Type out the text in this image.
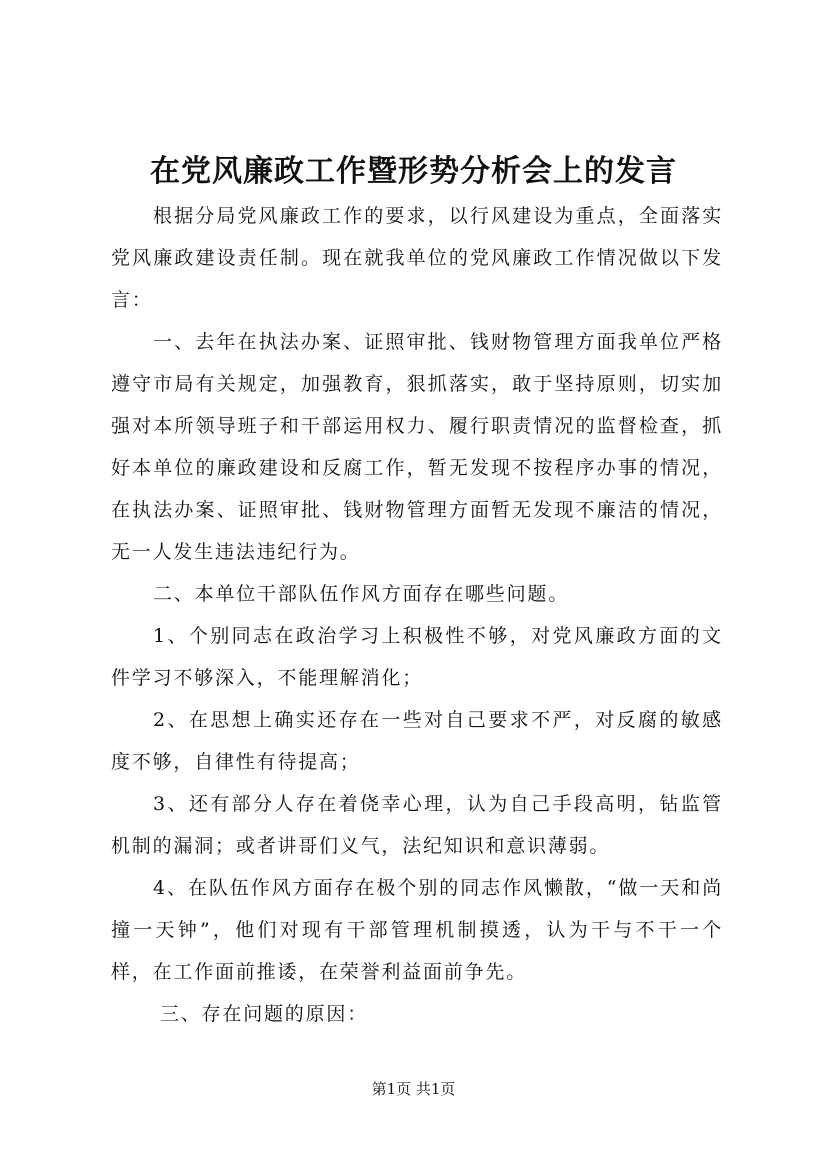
在党风廉政工作暨形势分析会上的发言

根据分局党风廉政工作的要求，以行风建设为重点，全面落实党风廉政建设责任制。现在就我单位的党风廉政工作情况做以下发言：

一、去年在执法办案、证照审批、钱财物管理方面我单位严格遵守市局有关规定，加强教育，狠抓落实，敢于坚持原则，切实加强对本所领导班子和干部运用权力、履行职责情况的监督检查，抓好本单位的廉政建设和反腐工作，暂无发现不按程序办事的情况，在执法办案、证照审批、钱财物管理方面暂无发现不廉洁的情况，无一人发生违法违纪行为。

二、本单位干部队伍作风方面存在哪些问题。

1、个别同志在政治学习上积极性不够，对党风廉政方面的文件学习不够深入，不能理解消化；

2、在思想上确实还存在一些对自己要求不严，对反腐的敏感度不够，自律性有待提高；

3、还有部分人存在着侥幸心理，认为自己手段高明，钻监管机制的漏洞；或者讲哥们义气，法纪知识和意识薄弱。

4、在队伍作风方面存在极个别的同志作风懒散，“做一天和尚撞一天钟”，他们对现有干部管理机制摸透，认为干与不干一个样，在工作面前推诿，在荣誉利益面前争先。

三、存在问题的原因：

第1页 共1页
